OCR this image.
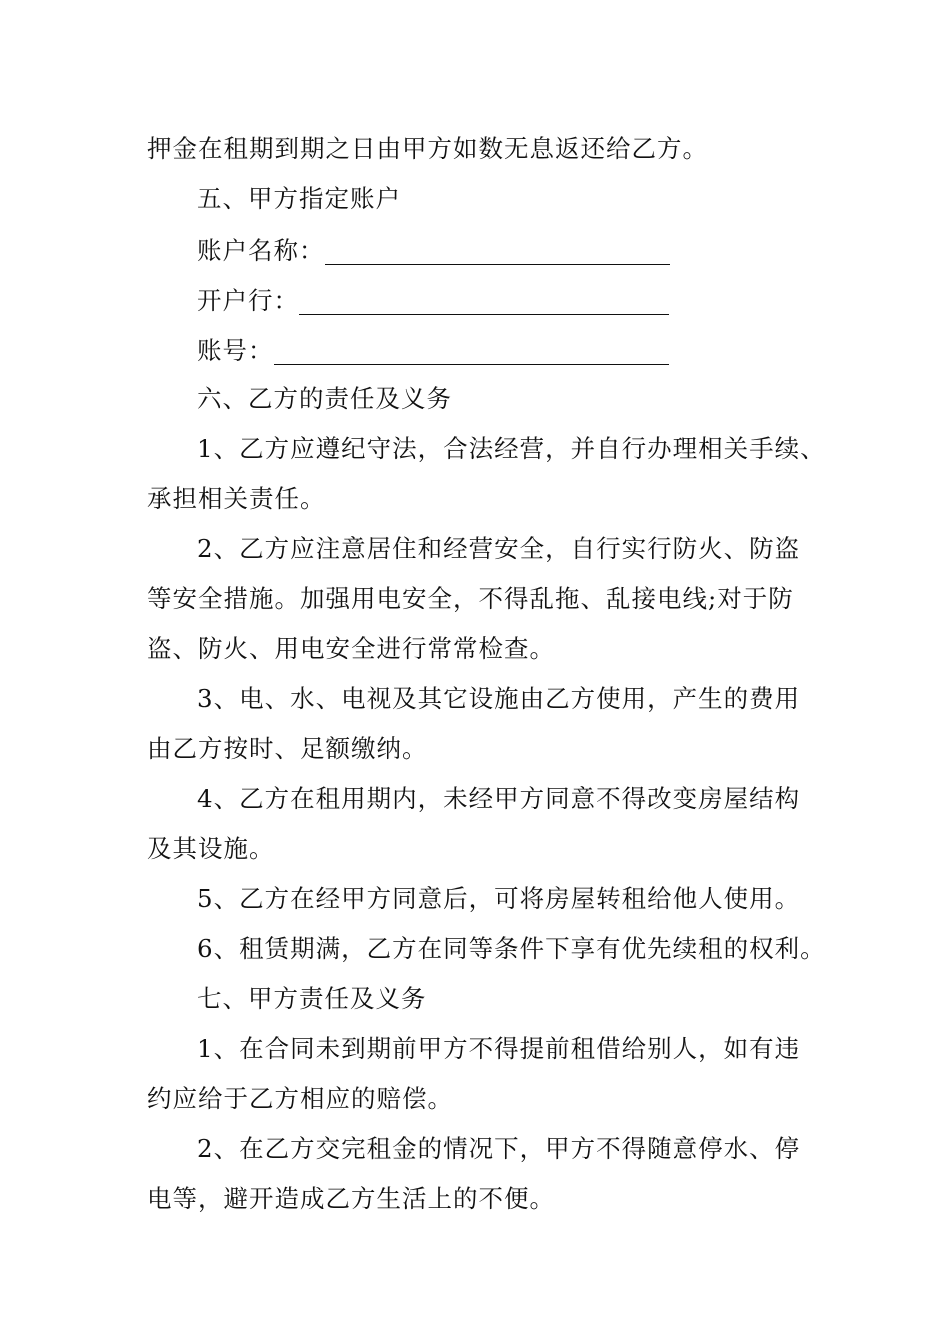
押金在租期到期之日由甲方如数无息返还给乙方。
五、甲方指定账户
账户名称：
开户行：
账号：
六、乙方的责任及义务
1、乙方应遵纪守法，合法经营，并自行办理相关手续、
承担相关责任。
2、乙方应注意居住和经营安全，自行实行防火、防盗
等安全措施。加强用电安全，不得乱拖、乱接电线;对于防
盗、防火、用电安全进行常常检查。
3、电、水、电视及其它设施由乙方使用，产生的费用
由乙方按时、足额缴纳。
4、乙方在租用期内，未经甲方同意不得改变房屋结构
及其设施。
5、乙方在经甲方同意后，可将房屋转租给他人使用。
6、租赁期满，乙方在同等条件下享有优先续租的权利。
七、甲方责任及义务
1、在合同未到期前甲方不得提前租借给别人，如有违
约应给于乙方相应的赔偿。
2、在乙方交完租金的情况下，甲方不得随意停水、停
电等，避开造成乙方生活上的不便。
